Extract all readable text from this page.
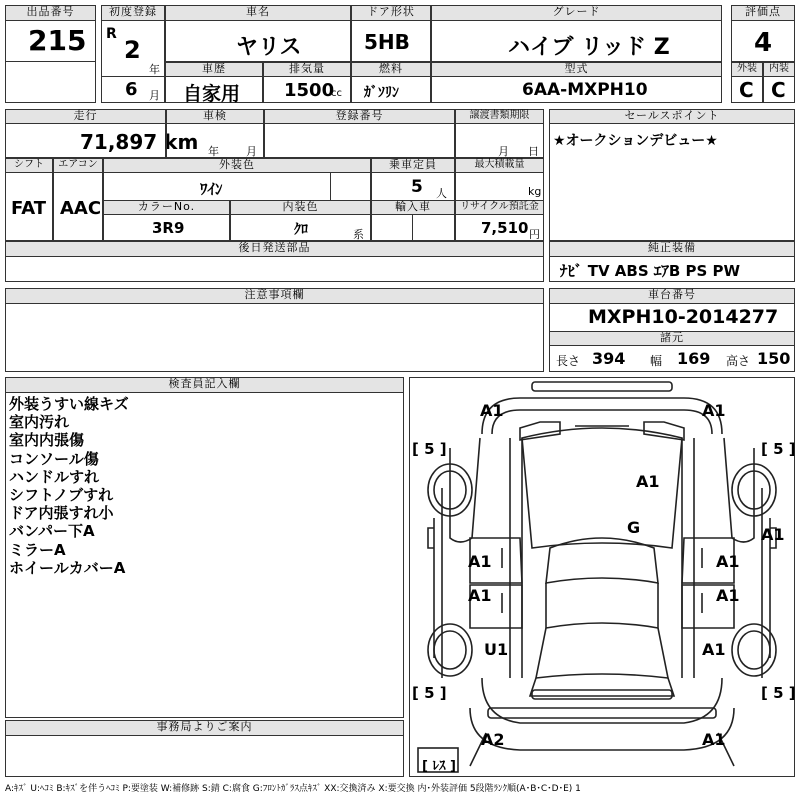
出品番号
215
初度登録
R
2
年
6 月
車名
ヤリス
ドア形状
5HB
グレード
ハイブ リッド Z
評価点
4
車歴
自家用
排気量
1500
cc
燃料
ｶﾞｿﾘﾝ
型式
6AA-MXPH10
外装
C
内装
C
走行
71,897 km
車検
年 月
登録番号	譲渡書類期限
月 日
セールスポイント
★オークションデビュー★
シフト
FAT
エアコン
AAC
外装色
ﾜｲﾝ
乗車定員
5 人
最大積載量
kg
カラーNo.
3R9
内装色
ｸﾛ	系
輸入車	リサイクル預託金
7,510 円
後日発送部品	純正装備
ﾅﾋﾞ TV ABS ｴｱB PS PW
注意事項欄	車台番号
MXPH10-2014277
諸元
長さ 394 幅 169 高さ 150
検査員記入欄
外装うすい線キズ
室内汚れ
室内内張傷
コンソール傷
ハンドルすれ
シフトノブすれ
ドア内張すれ小
バンパー下A
ミラーA
ホイールカバーA
事務局よりご案内
A1	A1
A1
G	A1
A1	A1
A1	A1
U1	A1
A2	A1
[ 5 ]	[ 5 ]
[ 5 ]	[ 5 ]
[ ﾚｽ ]
A:ｷｽﾞ U:ﾍｺﾐ B:ｷｽﾞを伴うﾍｺﾐ P:要塗装 W:補修跡 S:錆 C:腐食 G:ﾌﾛﾝﾄｶﾞﾗｽ点ｷｽﾞ XX:交換済み X:要交換 内･外装評価 5段階ﾗﾝｸ順(A･B･C･D･E) 1
